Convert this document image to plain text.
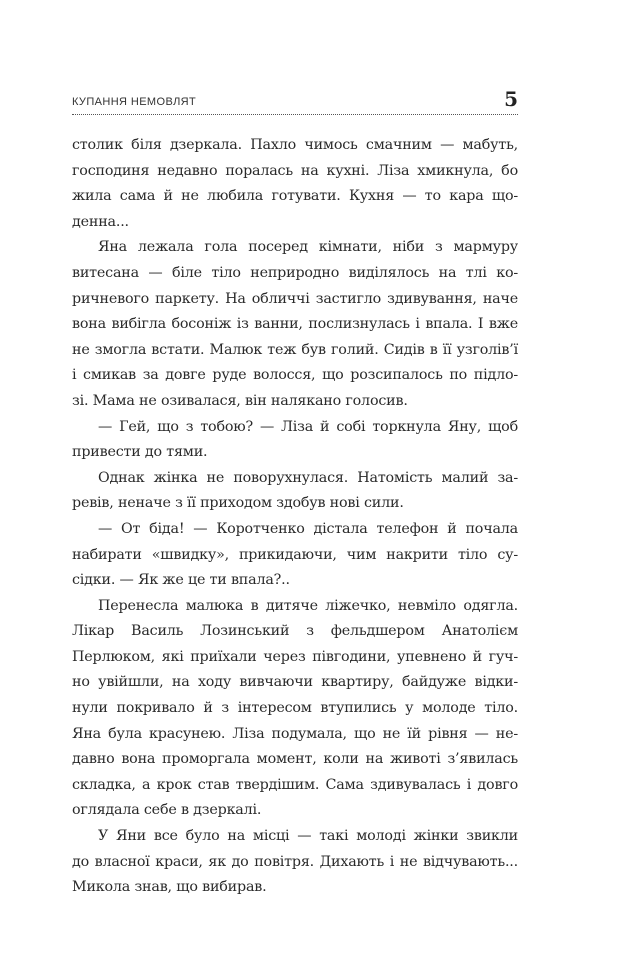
КУПАННЯ НЕМОВЛЯТ	5
столик біля дзеркала. Пахло чимось смачним — мабуть,
господиня недавно поралась на кухні. Ліза хмикнула, бо
жила сама й не любила готувати. Кухня — то кара що-
денна...
Яна лежала гола посеред кімнати, ніби з мармуру
витесана — біле тіло неприродно виділялось на тлі ко-
ричневого паркету. На обличчі застигло здивування, наче
вона вибігла босоніж із ванни, послизнулась і впала. І вже
не змогла встати. Малюк теж був голий. Сидів в її узголів’ї
і смикав за довге руде волосся, що розсипалось по підло-
зі. Мама не озивалася, він налякано голосив.
— Гей, що з тобою? — Ліза й собі торкнула Яну, щоб
привести до тями.
Однак жінка не поворухнулася. Натомість малий за-
ревів, неначе з її приходом здобув нові сили.
— От біда! — Коротченко дістала телефон й почала
набирати «швидку», прикидаючи, чим накрити тіло су-
сідки. — Як же це ти впала?..
Перенесла малюка в дитяче ліжечко, невміло одягла.
Лікар Василь Лозинський з фельдшером Анатолієм
Перлюком, які приїхали через півгодини, упевнено й гуч-
но увійшли, на ходу вивчаючи квартиру, байдуже відки-
нули покривало й з інтересом втупились у молоде тіло.
Яна була красунею. Ліза подумала, що не їй рівня — не-
давно вона проморгала момент, коли на животі з’явилась
складка, а крок став твердішим. Сама здивувалась і довго
оглядала себе в дзеркалі.
У Яни все було на місці — такі молоді жінки звикли
до власної краси, як до повітря. Дихають і не відчувають...
Микола знав, що вибирав.
